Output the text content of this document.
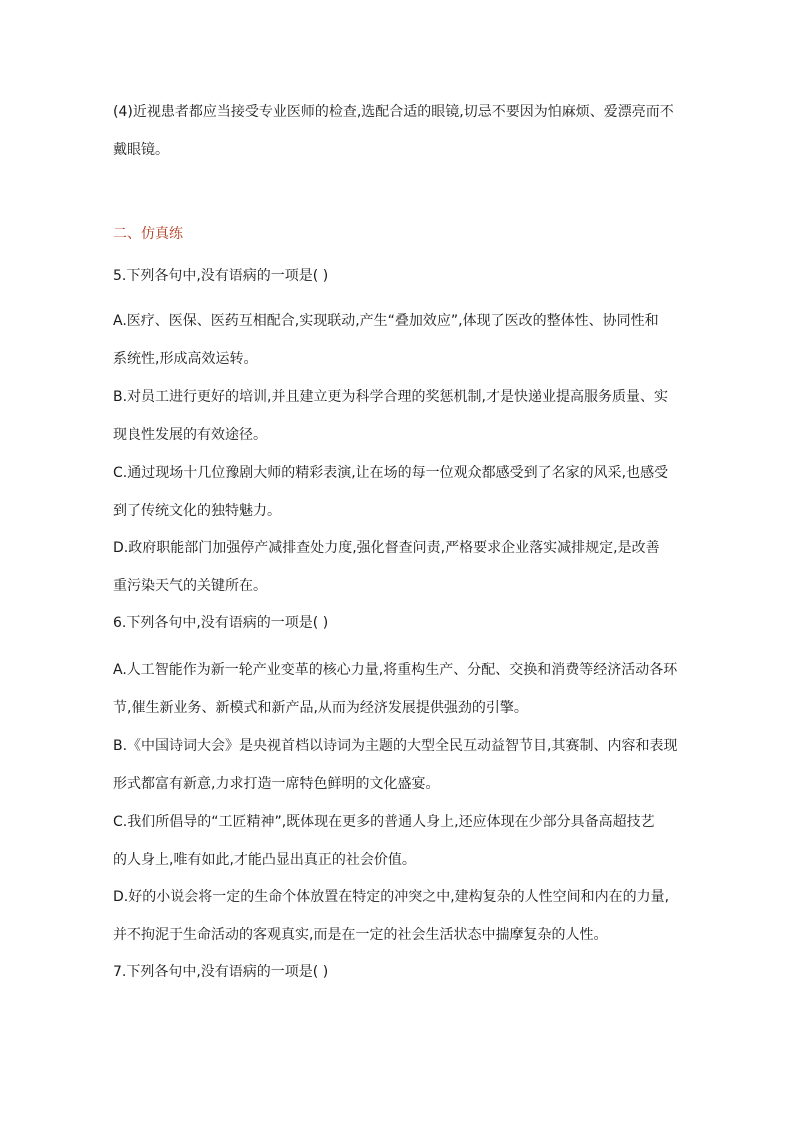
(4)近视患者都应当接受专业医师的检查,选配合适的眼镜,切忌不要因为怕麻烦、爱漂亮而不
戴眼镜。
二、仿真练
5.下列各句中,没有语病的一项是( )
A.医疗、医保、医药互相配合,实现联动,产生“叠加效应”,体现了医改的整体性、协同性和
系统性,形成高效运转。
B.对员工进行更好的培训,并且建立更为科学合理的奖惩机制,才是快递业提高服务质量、实
现良性发展的有效途径。
C.通过现场十几位豫剧大师的精彩表演,让在场的每一位观众都感受到了名家的风采,也感受
到了传统文化的独特魅力。
D.政府职能部门加强停产减排查处力度,强化督查问责,严格要求企业落实减排规定,是改善
重污染天气的关键所在。
6.下列各句中,没有语病的一项是( )
A.人工智能作为新一轮产业变革的核心力量,将重构生产、分配、交换和消费等经济活动各环
节,催生新业务、新模式和新产品,从而为经济发展提供强劲的引擎。
B.《中国诗词大会》是央视首档以诗词为主题的大型全民互动益智节目,其赛制、内容和表现
形式都富有新意,力求打造一席特色鲜明的文化盛宴。
C.我们所倡导的“工匠精神”,既体现在更多的普通人身上,还应体现在少部分具备高超技艺
的人身上,唯有如此,才能凸显出真正的社会价值。
D.好的小说会将一定的生命个体放置在特定的冲突之中,建构复杂的人性空间和内在的力量,
并不拘泥于生命活动的客观真实,而是在一定的社会生活状态中揣摩复杂的人性。
7.下列各句中,没有语病的一项是( )
